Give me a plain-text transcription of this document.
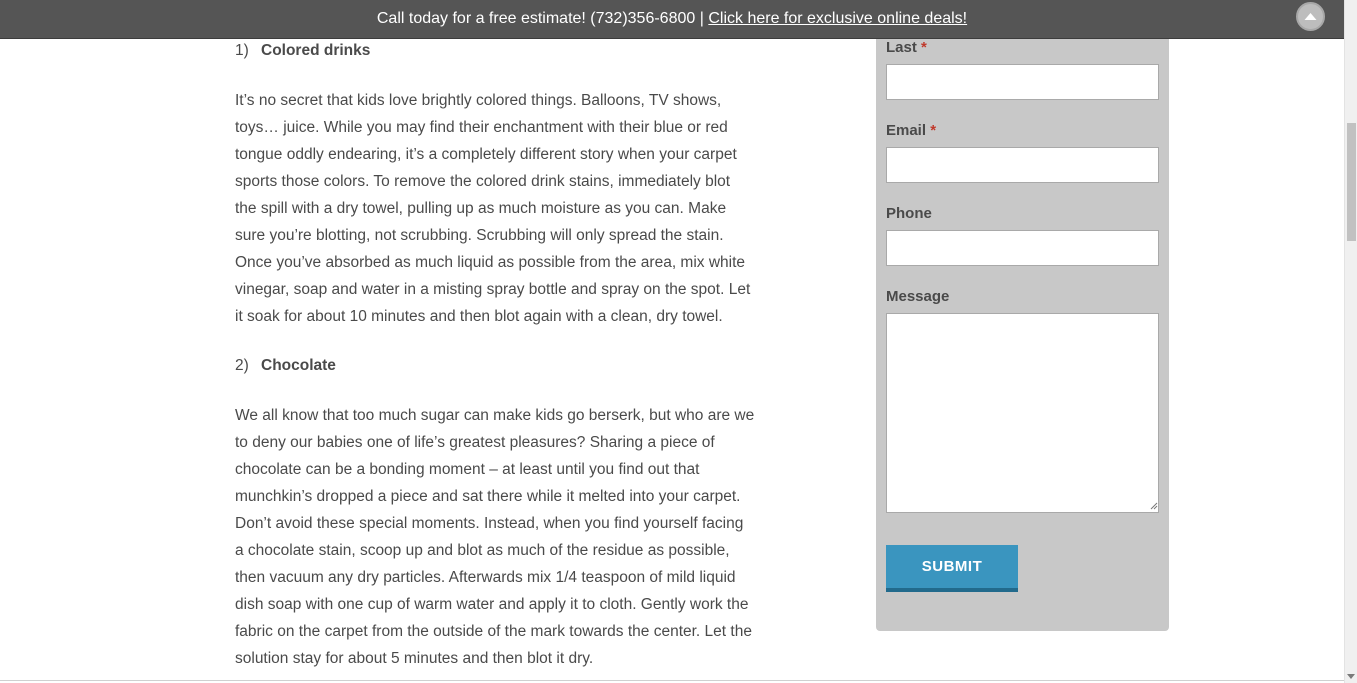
Call today for a free estimate! (732)356-6800 | Click here for exclusive online deals!
1) Colored drinks

It’s no secret that kids love brightly colored things. Balloons, TV shows, toys… juice. While you may find their enchantment with their blue or red tongue oddly endearing, it’s a completely different story when your carpet sports those colors. To remove the colored drink stains, immediately blot the spill with a dry towel, pulling up as much moisture as you can. Make sure you’re blotting, not scrubbing. Scrubbing will only spread the stain. Once you’ve absorbed as much liquid as possible from the area, mix white vinegar, soap and water in a misting spray bottle and spray on the spot. Let it soak for about 10 minutes and then blot again with a clean, dry towel.

2) Chocolate

We all know that too much sugar can make kids go berserk, but who are we to deny our babies one of life’s greatest pleasures? Sharing a piece of chocolate can be a bonding moment – at least until you find out that munchkin’s dropped a piece and sat there while it melted into your carpet. Don’t avoid these special moments. Instead, when you find yourself facing a chocolate stain, scoop up and blot as much of the residue as possible, then vacuum any dry particles. Afterwards mix 1/4 teaspoon of mild liquid dish soap with one cup of warm water and apply it to cloth. Gently work the fabric on the carpet from the outside of the mark towards the center. Let the solution stay for about 5 minutes and then blot it dry.

Last *
Email *
Phone
Message
SUBMIT
